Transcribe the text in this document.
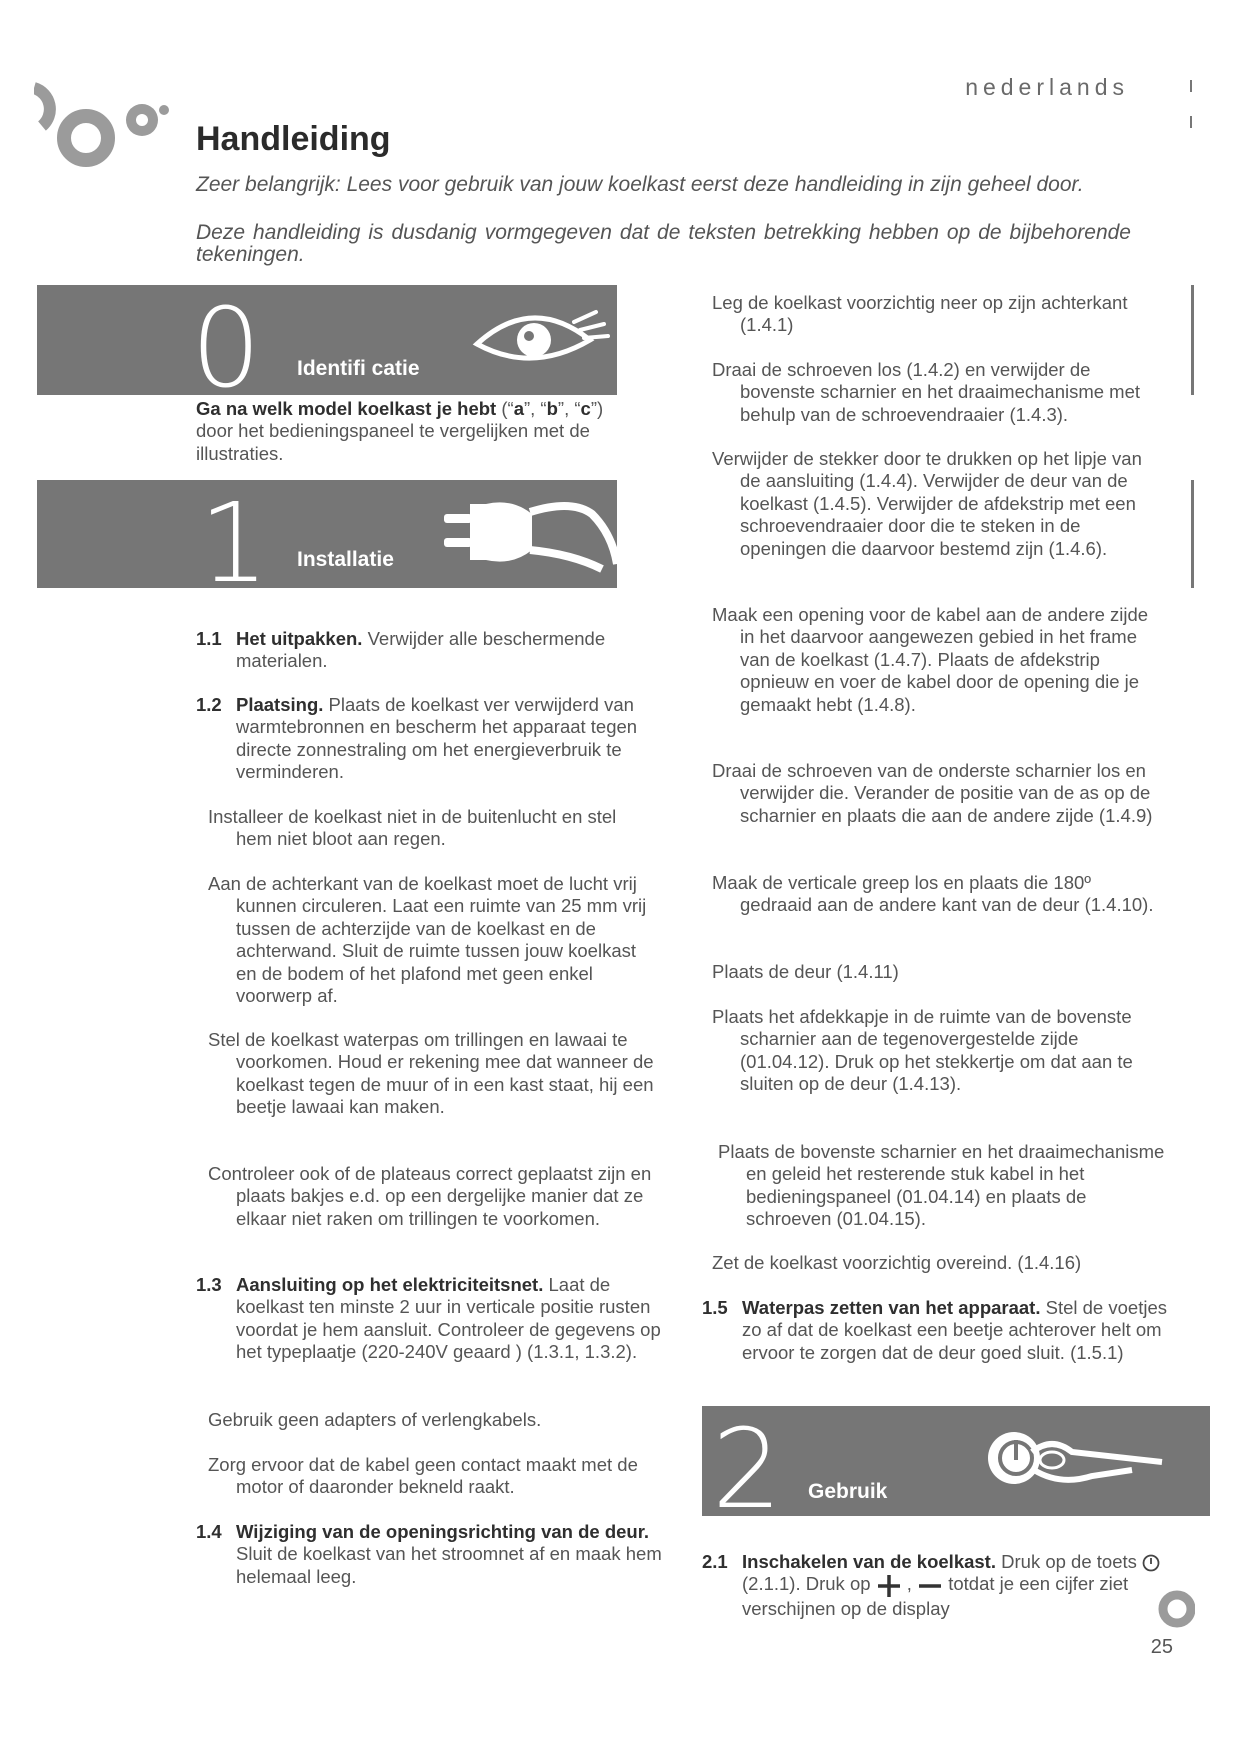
nederlands
Handleiding
Zeer belangrijk: Lees voor gebruik van jouw koelkast eerst deze handleiding in zijn geheel door.
Deze handleiding is dusdanig vormgegeven dat de teksten betrekking hebben op de bijbehorende tekeningen.
0 Identifi catie

Ga na welk model koelkast je hebt (“a”, “b”, “c”) door het bedieningspaneel te vergelijken met de illustraties.

1 Installatie
1.1 Het uitpakken. Verwijder alle beschermende materialen.
1.2 Plaatsing. Plaats de koelkast ver verwijderd van warmtebronnen en bescherm het apparaat tegen directe zonnestraling om het energieverbruik te verminderen.

Installeer de koelkast niet in de buitenlucht en stel hem niet bloot aan regen.

Aan de achterkant van de koelkast moet de lucht vrij kunnen circuleren. Laat een ruimte van 25 mm vrij tussen de achterzijde van de koelkast en de achterwand. Sluit de ruimte tussen jouw koelkast en de bodem of het plafond met geen enkel voorwerp af.

Stel de koelkast waterpas om trillingen en lawaai te voorkomen. Houd er rekening mee dat wanneer de koelkast tegen de muur of in een kast staat, hij een beetje lawaai kan maken.

Controleer ook of de plateaus correct geplaatst zijn en plaats bakjes e.d. op een dergelijke manier dat ze elkaar niet raken om trillingen te voorkomen.

1.3 Aansluiting op het elektriciteitsnet. Laat de koelkast ten minste 2 uur in verticale positie rusten voordat je hem aansluit. Controleer de gegevens op het typeplaatje (220-240V geaard ) (1.3.1, 1.3.2).

Gebruik geen adapters of verlengkabels.

Zorg ervoor dat de kabel geen contact maakt met de motor of daaronder bekneld raakt.

1.4 Wijziging van de openingsrichting van de deur. Sluit de koelkast van het stroomnet af en maak hem helemaal leeg.

Leg de koelkast voorzichtig neer op zijn achterkant (1.4.1)

Draai de schroeven los (1.4.2) en verwijder de bovenste scharnier en het draaimechanisme met behulp van de schroevendraaier (1.4.3).

Verwijder de stekker door te drukken op het lipje van de aansluiting (1.4.4). Verwijder de deur van de koelkast (1.4.5). Verwijder de afdekstrip met een schroevendraaier door die te steken in de openingen die daarvoor bestemd zijn (1.4.6).

Maak een opening voor de kabel aan de andere zijde in het daarvoor aangewezen gebied in het frame van de koelkast (1.4.7). Plaats de afdekstrip opnieuw en voer de kabel door de opening die je gemaakt hebt (1.4.8).

Draai de schroeven van de onderste scharnier los en verwijder die. Verander de positie van de as op de scharnier en plaats die aan de andere zijde (1.4.9)

Maak de verticale greep los en plaats die 180º gedraaid aan de andere kant van de deur (1.4.10).

Plaats de deur (1.4.11)

Plaats het afdekkapje in de ruimte van de bovenste scharnier aan de tegenovergestelde zijde (01.04.12). Druk op het stekkertje om dat aan te sluiten op de deur (1.4.13).

Plaats de bovenste scharnier en het draaimechanisme en geleid het resterende stuk kabel in het bedieningspaneel (01.04.14) en plaats de schroeven (01.04.15).

Zet de koelkast voorzichtig overeind. (1.4.16)

1.5 Waterpas zetten van het apparaat. Stel de voetjes zo af dat de koelkast een beetje achterover helt om ervoor te zorgen dat de deur goed sluit. (1.5.1)
2 Gebruik
2.1 Inschakelen van de koelkast. Druk op de toets  (2.1.1). Druk op  ,  totdat je een cijfer ziet verschijnen op de display
25
